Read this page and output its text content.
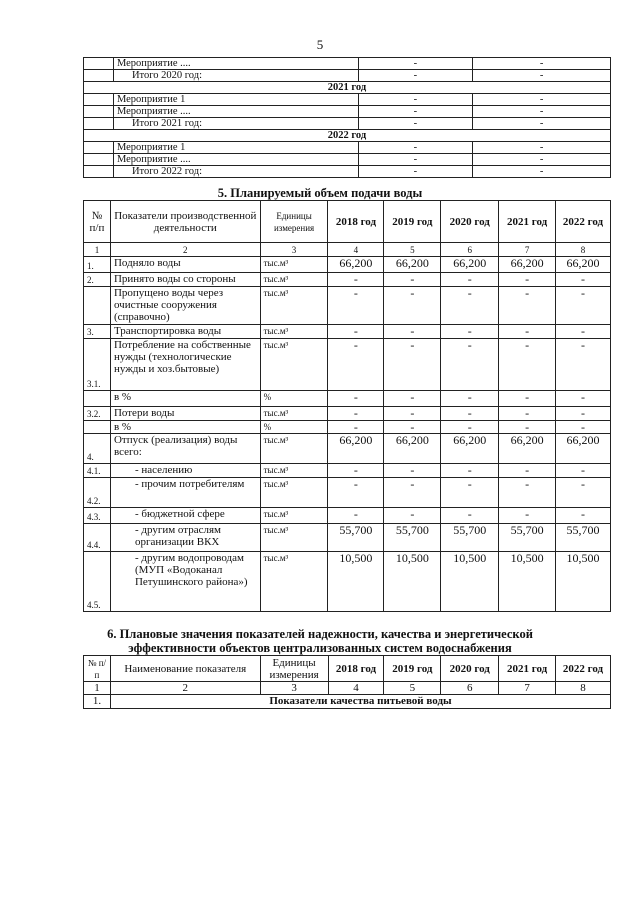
5
	Мероприятие ....	-	-
	Итого 2020 год:	-	-
2021 год			
	Мероприятие 1	-	-
	Мероприятие ....	-	-
	Итого 2021 год:	-	-
2022 год			
	Мероприятие 1	-	-
	Мероприятие ....	-	-
	Итого 2022 год:	-	-
5. Планируемый объем подачи воды
№ п/п	Показатели производственной деятельности	Единицы измерения	2018 год	2019 год	2020 год	2021 год	2022 год
1	2	3	4	5	6	7	8
1.	Подняло воды	тыс.м³	66,200	66,200	66,200	66,200	66,200
2.	Принято воды со стороны	тыс.м³	-	-	-	-	-
	Пропущено воды через очистные сооружения (справочно)	тыс.м³	-	-	-	-	-
3.	Транспортировка воды	тыс.м³	-	-	-	-	-
3.1.	Потребление на собственные нужды (технологические нужды и хоз.бытовые)	тыс.м³	-	-	-	-	-
	в %	%	-	-	-	-	-
3.2.	Потери воды	тыс.м³	-	-	-	-	-
	в %	%	-	-	-	-	-
4.	Отпуск (реализация) воды всего:	тыс.м³	66,200	66,200	66,200	66,200	66,200
4.1.	- населению	тыс.м³	-	-	-	-	-
4.2.	- прочим потребителям	тыс.м³	-	-	-	-	-
4.3.	- бюджетной сфере	тыс.м³	-	-	-	-	-
4.4.	- другим отраслям организации ВКХ	тыс.м³	55,700	55,700	55,700	55,700	55,700
4.5.	- другим водопроводам (МУП «Водоканал Петушинского района»)	тыс.м³	10,500	10,500	10,500	10,500	10,500
6. Плановые значения показателей надежности, качества и энергетической
эффективности объектов централизованных систем водоснабжения
№ п/п	Наименование показателя	Единицы измерения	2018 год	2019 год	2020 год	2021 год	2022 год
1	2	3	4	5	6	7	8
1.	Показатели качества питьевой воды						
